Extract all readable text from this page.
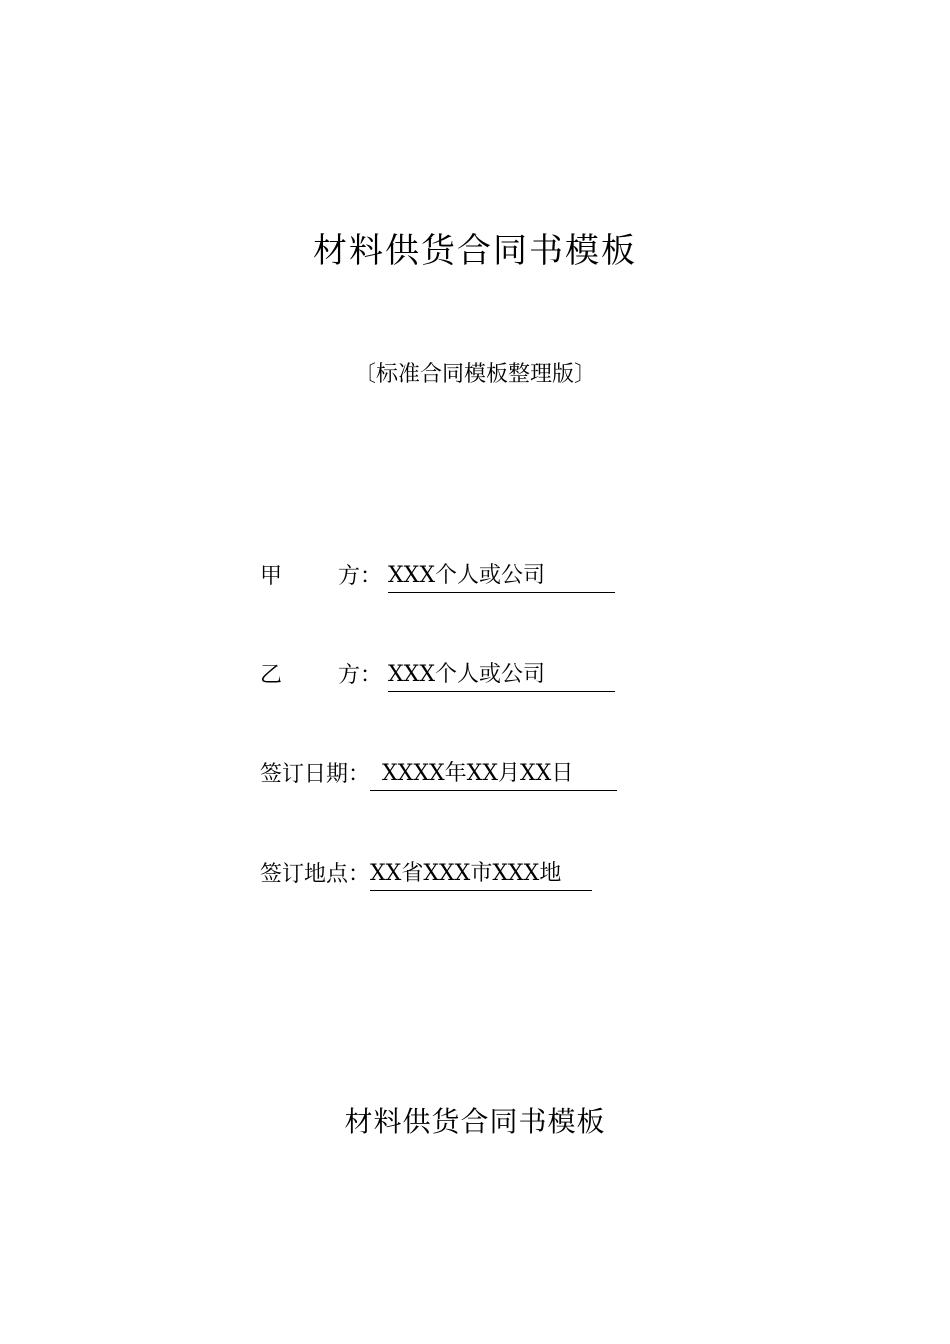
材料供货合同书模板
〔标准合同模板整理版〕
甲	方： XXX个人或公司
乙	方： XXX个人或公司
签订日期： XXXX年XX月XX日
签订地点：XX省XXX市XXX地
材料供货合同书模板
